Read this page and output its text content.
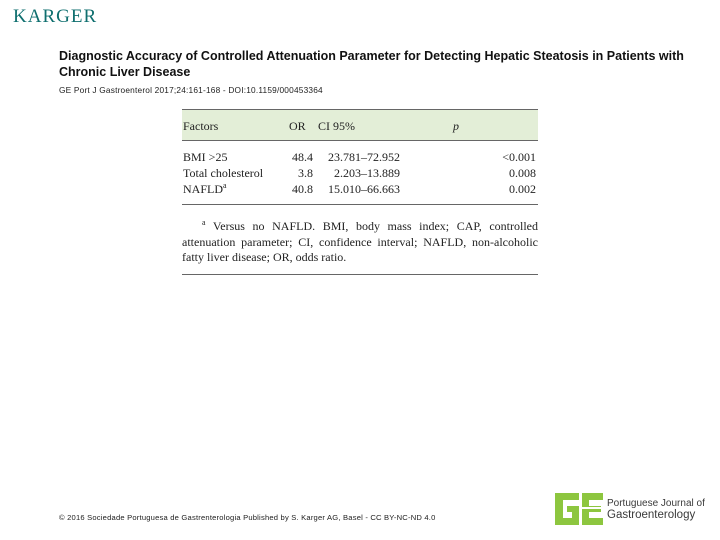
KARGER
Diagnostic Accuracy of Controlled Attenuation Parameter for Detecting Hepatic Steatosis in Patients with Chronic Liver Disease
GE Port J Gastroenterol 2017;24:161-168 - DOI:10.1159/000453364
Factors	OR CI 95%	p
BMI >25	48.4 23.781–72.952	<0.001
Total cholesterol	3.8 2.203–13.889	0.008
NAFLD$^a$	40.8 15.010–66.663	0.002
$^a$ Versus no NAFLD. BMI, body mass index; CAP, controlled attenuation parameter; CI, confidence interval; NAFLD, non-alcoholic fatty liver disease; OR, odds ratio.
© 2016 Sociedade Portuguesa de Gastrenterologia Published by S. Karger AG, Basel - CC BY-NC-ND 4.0
Portuguese Journal of
Gastroenterology
